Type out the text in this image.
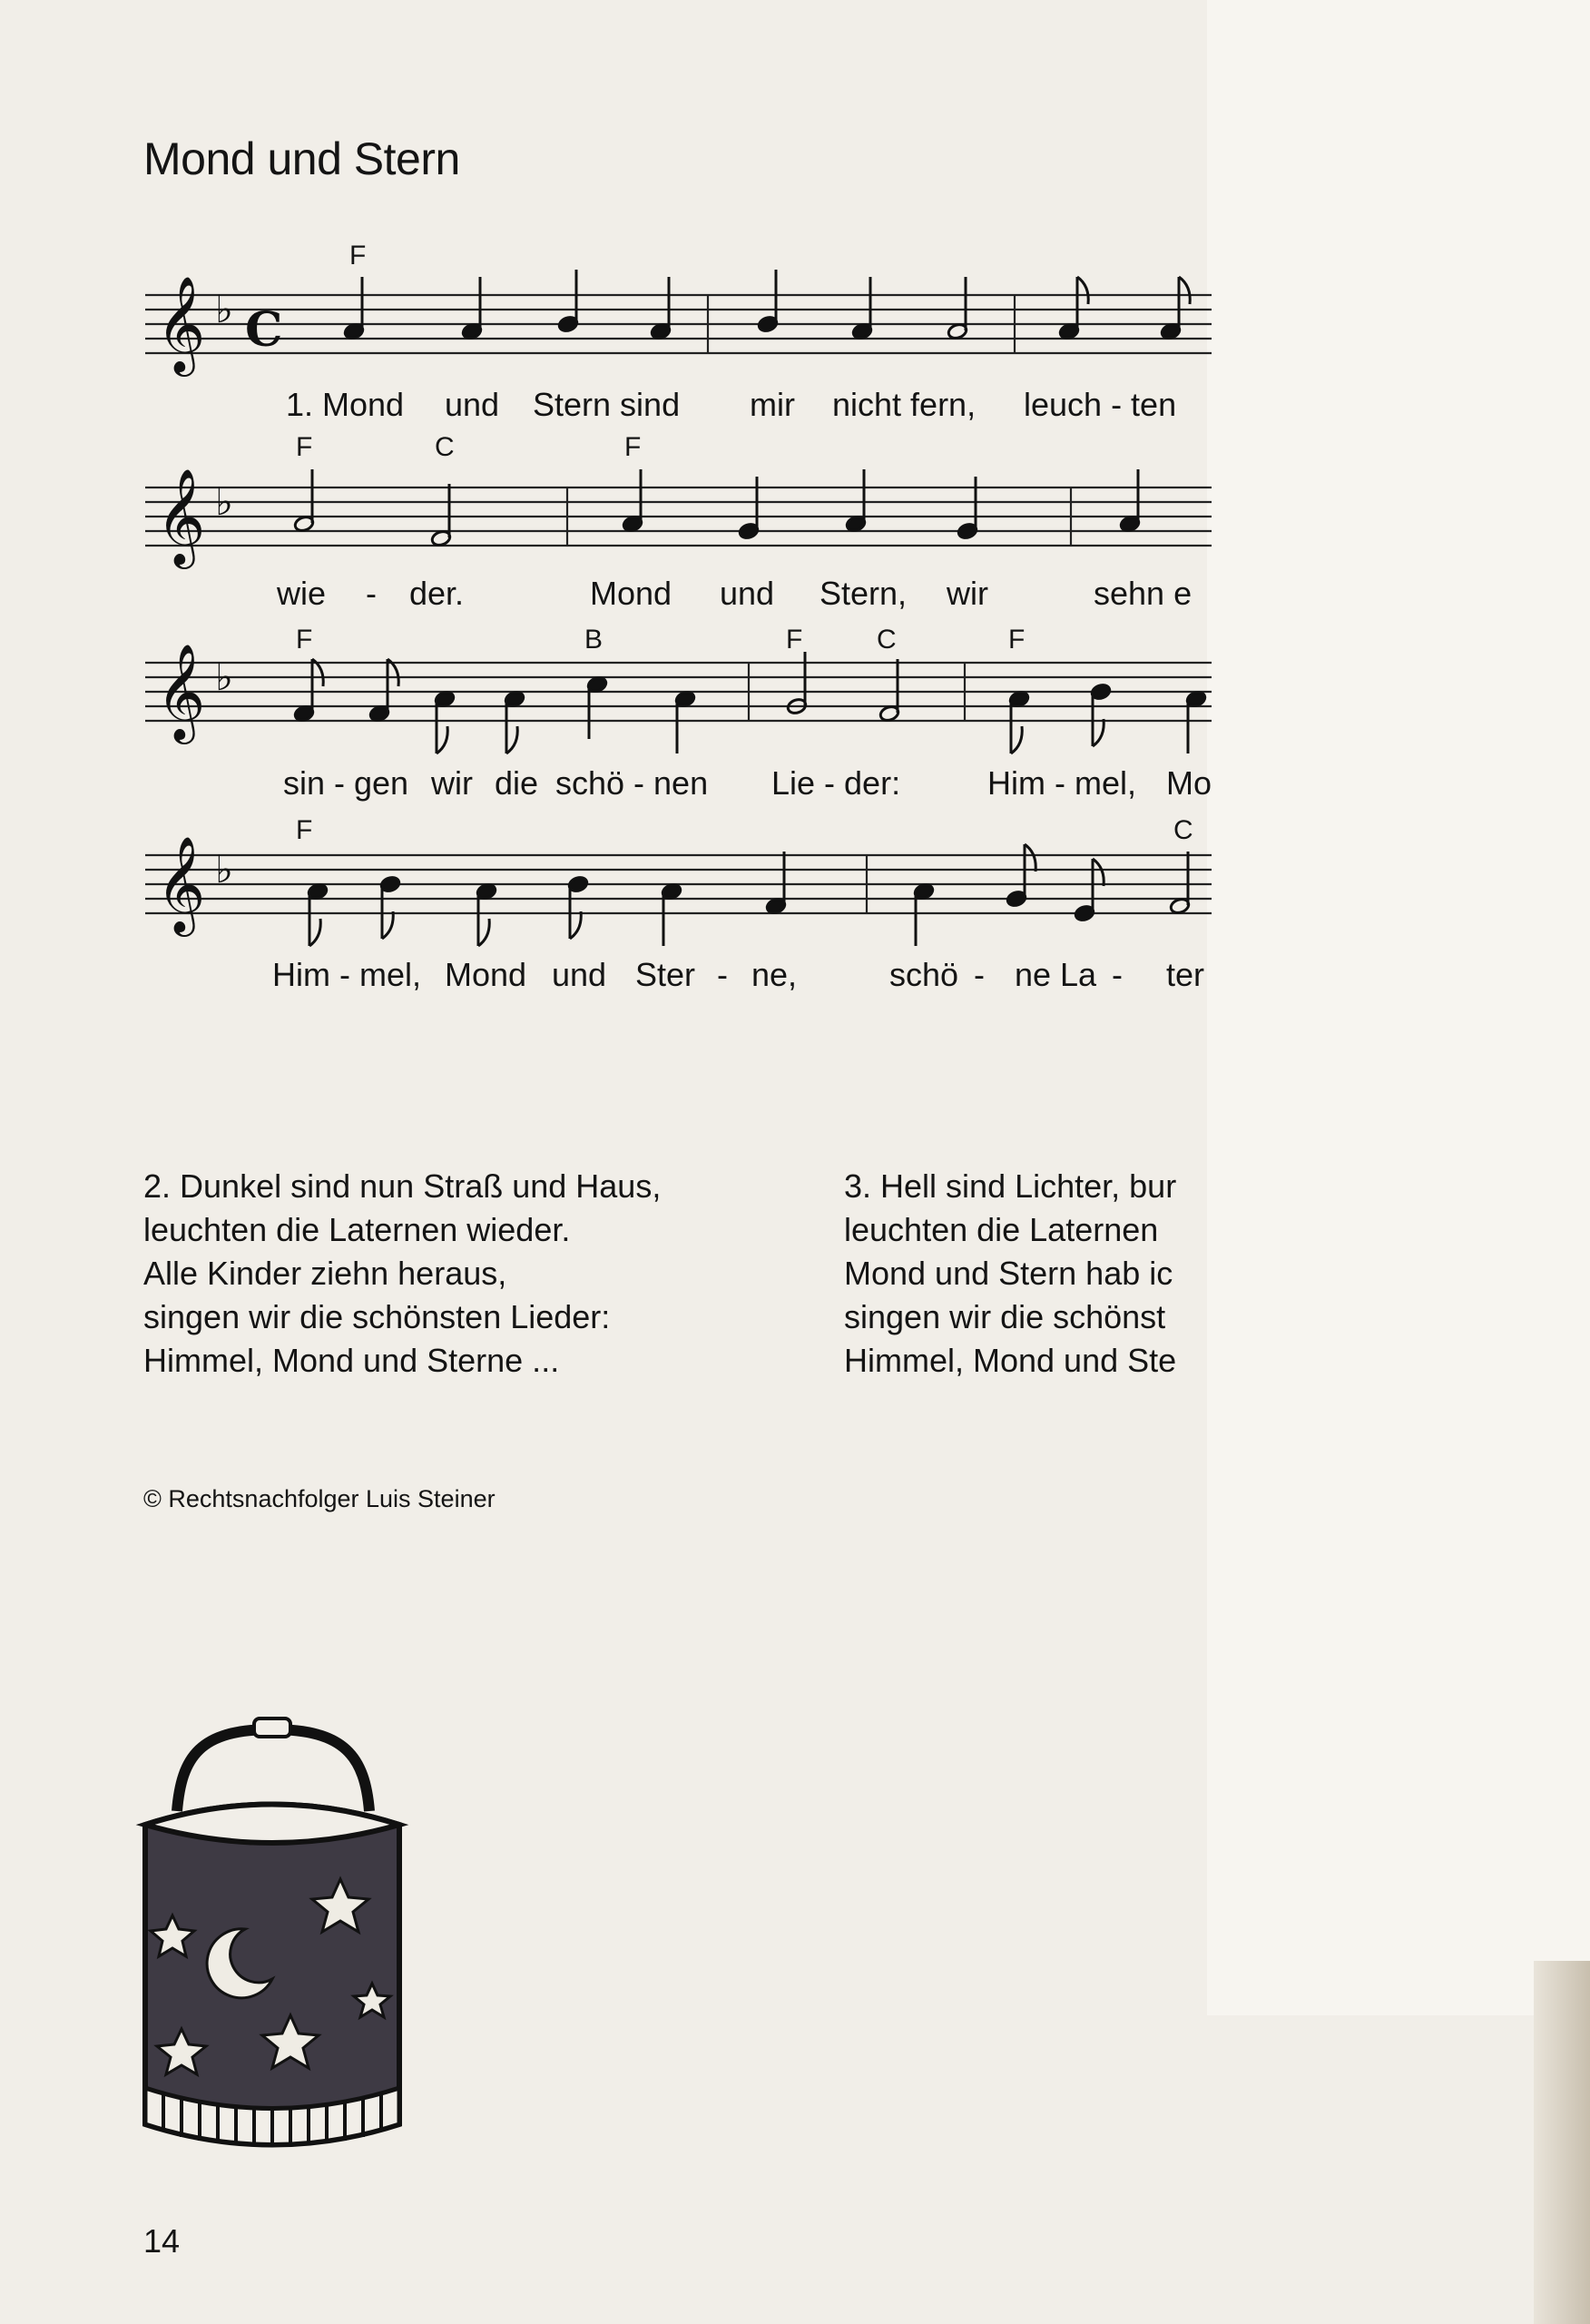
Mond und Stern
F
𝄞 ♭ C
1. Mond und Stern sind mir nicht fern, leuch - ten
F	C	F
𝄞 ♭
wie - der.	Mond und Stern, wir	sehn e
F	B	F	C	F
𝄞 ♭
sin - gen wir die schö - nen Lie - der:	Him - mel, Mo
F	C
𝄞 ♭
Him - mel, Mond und Ster - ne,	schö - ne La - ter
2. Dunkel sind nun Straß und Haus,
leuchten die Laternen wieder.
Alle Kinder ziehn heraus,
singen wir die schönsten Lieder:
Himmel, Mond und Sterne ...
3. Hell sind Lichter, bur
leuchten die Laternen
Mond und Stern hab ic
singen wir die schönst
Himmel, Mond und Ste
© Rechtsnachfolger Luis Steiner
14
